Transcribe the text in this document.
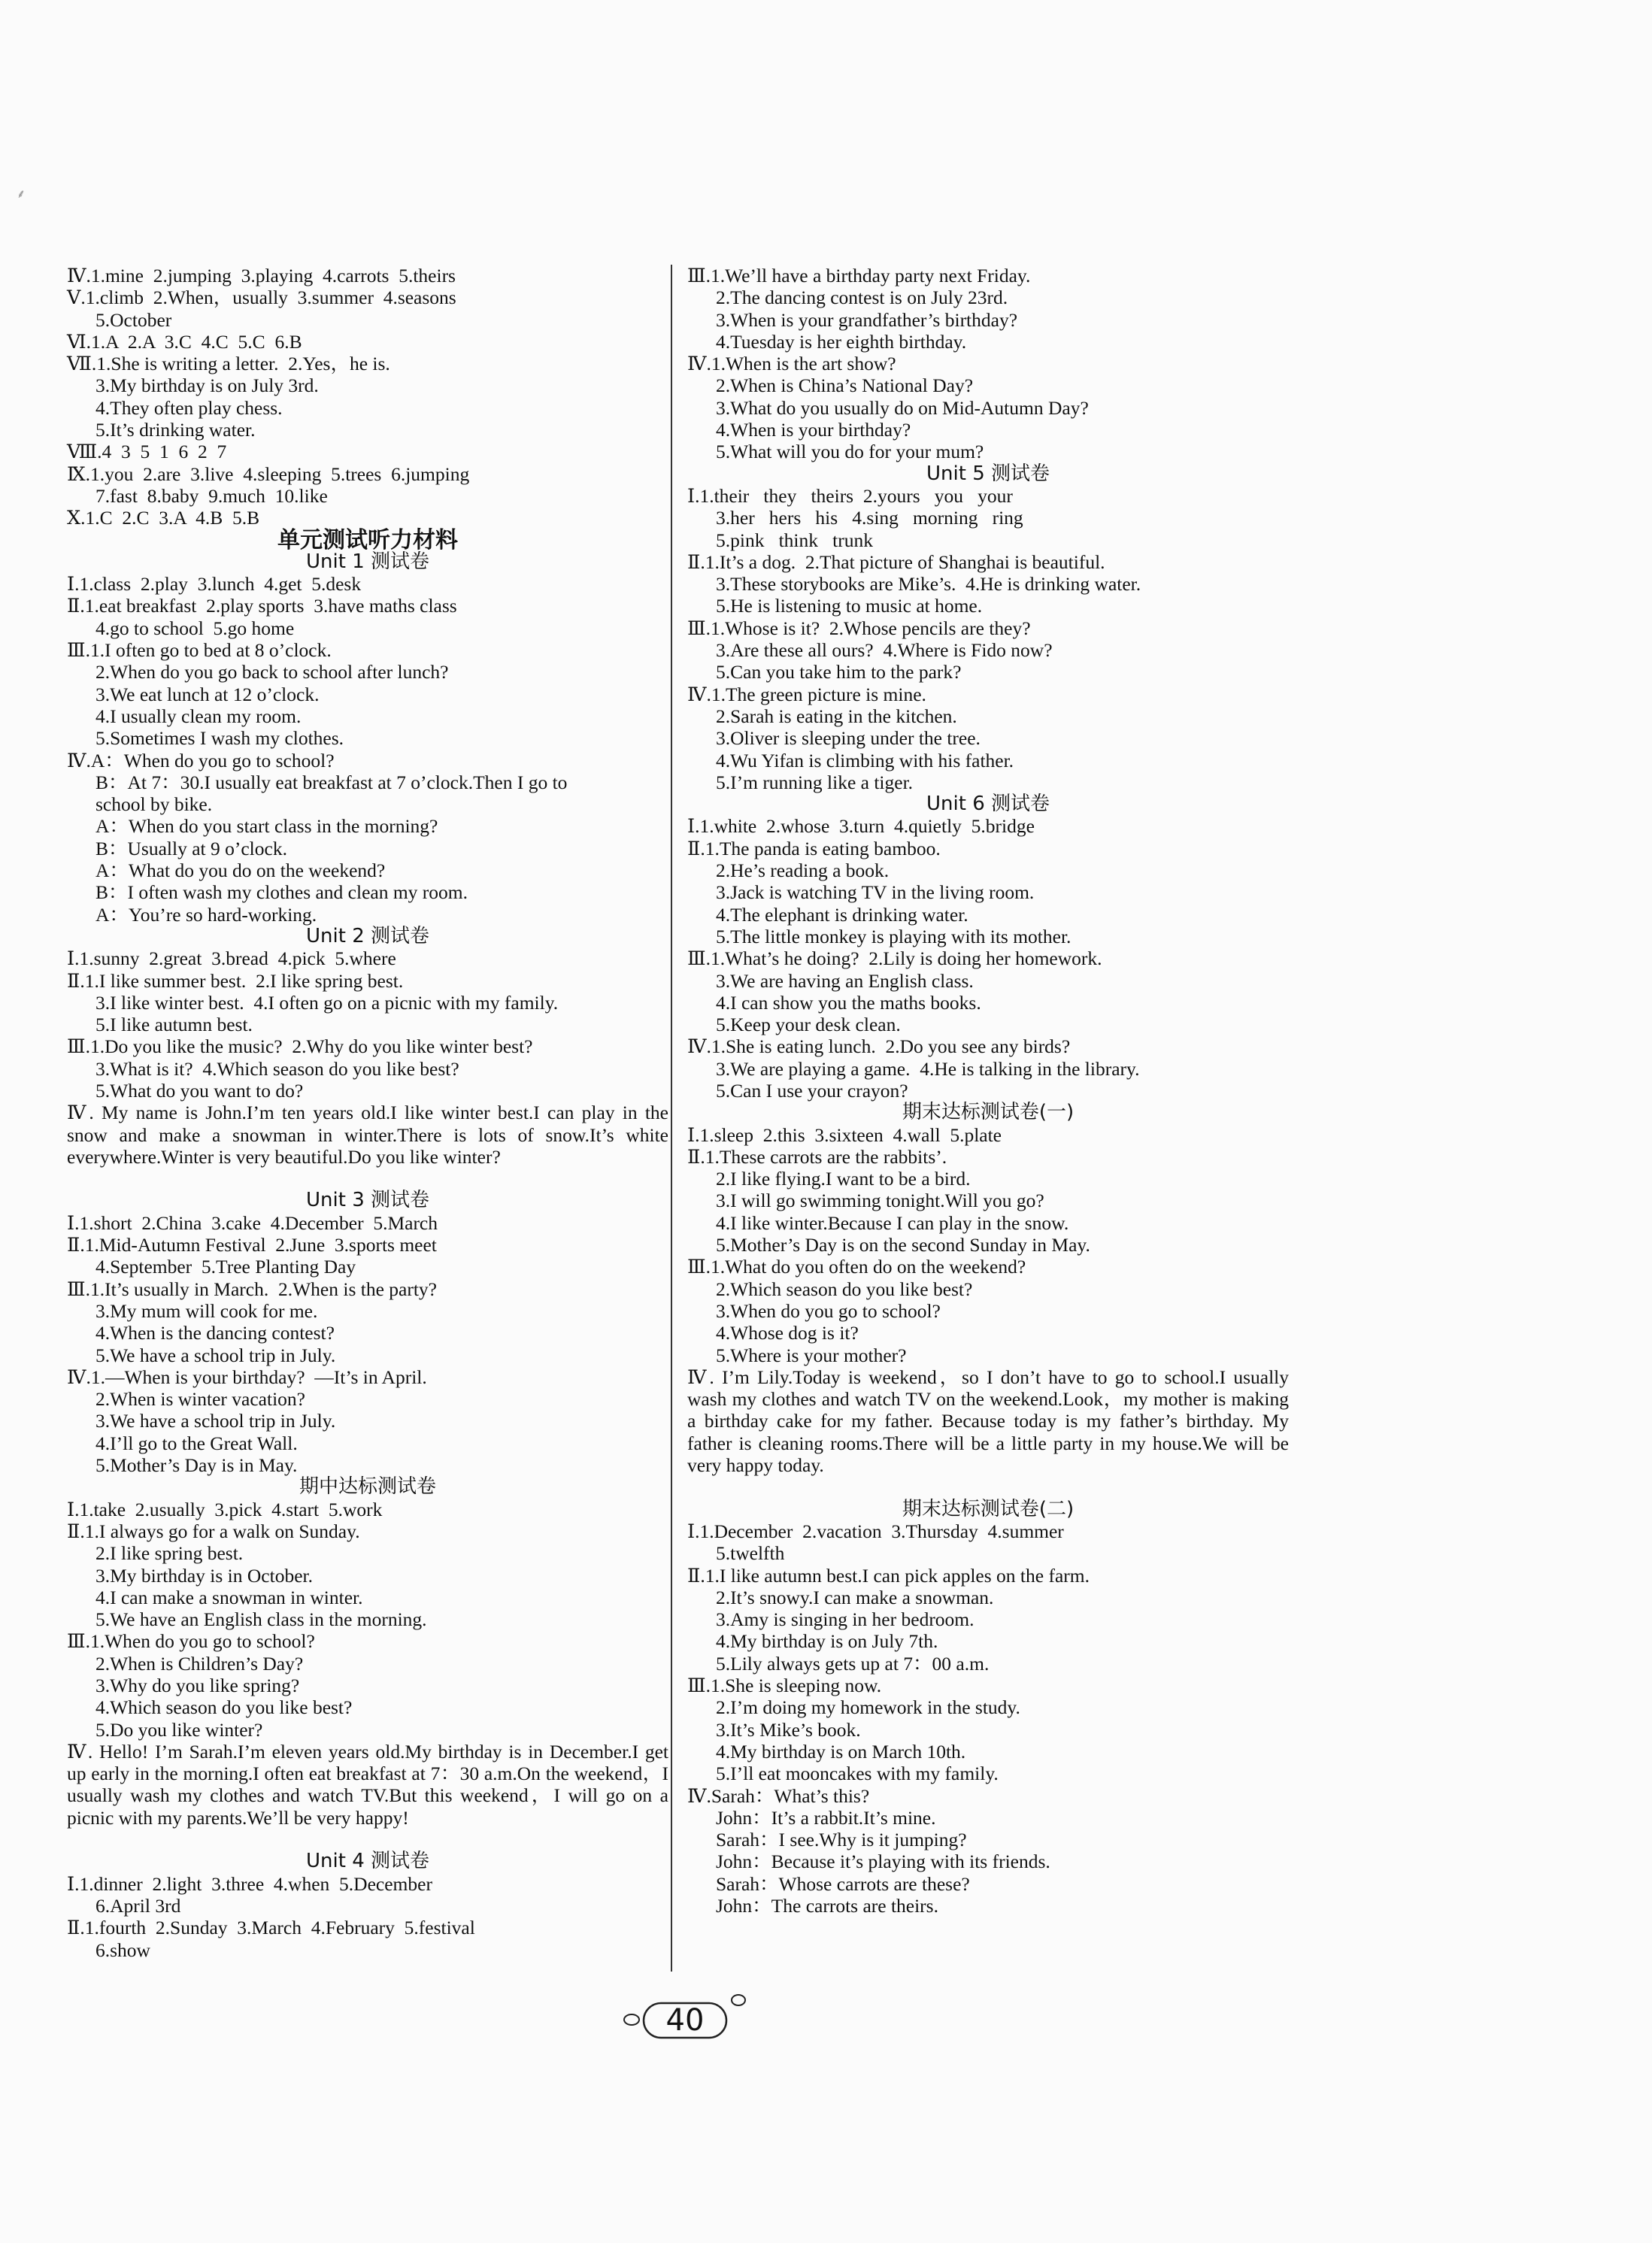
⸙
Ⅳ.1.mine  2.jumping  3.playing  4.carrots  5.theirs
Ⅴ.1.climb  2.When，usually  3.summer  4.seasons
5.October
Ⅵ.1.A  2.A  3.C  4.C  5.C  6.B
Ⅶ.1.She is writing a letter.  2.Yes，he is.
3.My birthday is on July 3rd.
4.They often play chess.
5.It’s drinking water.
Ⅷ.4  3  5  1  6  2  7
Ⅸ.1.you  2.are  3.live  4.sleeping  5.trees  6.jumping
7.fast  8.baby  9.much  10.like
Ⅹ.1.C  2.C  3.A  4.B  5.B
单元测试听力材料
Unit 1 测试卷
Ⅰ.1.class  2.play  3.lunch  4.get  5.desk
Ⅱ.1.eat breakfast  2.play sports  3.have maths class
4.go to school  5.go home
Ⅲ.1.I often go to bed at 8 o’clock.
2.When do you go back to school after lunch?
3.We eat lunch at 12 o’clock.
4.I usually clean my room.
5.Sometimes I wash my clothes.
Ⅳ.A：When do you go to school?
B：At 7：30.I usually eat breakfast at 7 o’clock.Then I go to
school by bike.
A：When do you start class in the morning?
B：Usually at 9 o’clock.
A：What do you do on the weekend?
B：I often wash my clothes and clean my room.
A：You’re so hard-working.
Unit 2 测试卷
Ⅰ.1.sunny  2.great  3.bread  4.pick  5.where
Ⅱ.1.I like summer best.  2.I like spring best.
3.I like winter best.  4.I often go on a picnic with my family.
5.I like autumn best.
Ⅲ.1.Do you like the music?  2.Why do you like winter best?
3.What is it?  4.Which season do you like best?
5.What do you want to do?
Ⅳ. My name is John.I’m ten years old.I like winter best.I can play in the snow and make a snowman in winter.There is lots of snow.It’s white everywhere.Winter is very beautiful.Do you like winter?
Unit 3 测试卷
Ⅰ.1.short  2.China  3.cake  4.December  5.March
Ⅱ.1.Mid-Autumn Festival  2.June  3.sports meet
4.September  5.Tree Planting Day
Ⅲ.1.It’s usually in March.  2.When is the party?
3.My mum will cook for me.
4.When is the dancing contest?
5.We have a school trip in July.
Ⅳ.1.—When is your birthday?  —It’s in April.
2.When is winter vacation?
3.We have a school trip in July.
4.I’ll go to the Great Wall.
5.Mother’s Day is in May.
期中达标测试卷
Ⅰ.1.take  2.usually  3.pick  4.start  5.work
Ⅱ.1.I always go for a walk on Sunday.
2.I like spring best.
3.My birthday is in October.
4.I can make a snowman in winter.
5.We have an English class in the morning.
Ⅲ.1.When do you go to school?
2.When is Children’s Day?
3.Why do you like spring?
4.Which season do you like best?
5.Do you like winter?
Ⅳ. Hello! I’m Sarah.I’m eleven years old.My birthday is in December.I get up early in the morning.I often eat breakfast at 7：30 a.m.On the weekend，I usually wash my clothes and watch TV.But this weekend，I will go on a picnic with my parents.We’ll be very happy!
Unit 4 测试卷
Ⅰ.1.dinner  2.light  3.three  4.when  5.December
6.April 3rd
Ⅱ.1.fourth  2.Sunday  3.March  4.February  5.festival
6.show
Ⅲ.1.We’ll have a birthday party next Friday.
2.The dancing contest is on July 23rd.
3.When is your grandfather’s birthday?
4.Tuesday is her eighth birthday.
Ⅳ.1.When is the art show?
2.When is China’s National Day?
3.What do you usually do on Mid-Autumn Day?
4.When is your birthday?
5.What will you do for your mum?
Unit 5 测试卷
Ⅰ.1.their   they   theirs  2.yours   you   your
3.her   hers   his   4.sing   morning   ring
5.pink   think   trunk
Ⅱ.1.It’s a dog.  2.That picture of Shanghai is beautiful.
3.These storybooks are Mike’s.  4.He is drinking water.
5.He is listening to music at home.
Ⅲ.1.Whose is it?  2.Whose pencils are they?
3.Are these all ours?  4.Where is Fido now?
5.Can you take him to the park?
Ⅳ.1.The green picture is mine.
2.Sarah is eating in the kitchen.
3.Oliver is sleeping under the tree.
4.Wu Yifan is climbing with his father.
5.I’m running like a tiger.
Unit 6 测试卷
Ⅰ.1.white  2.whose  3.turn  4.quietly  5.bridge
Ⅱ.1.The panda is eating bamboo.
2.He’s reading a book.
3.Jack is watching TV in the living room.
4.The elephant is drinking water.
5.The little monkey is playing with its mother.
Ⅲ.1.What’s he doing?  2.Lily is doing her homework.
3.We are having an English class.
4.I can show you the maths books.
5.Keep your desk clean.
Ⅳ.1.She is eating lunch.  2.Do you see any birds?
3.We are playing a game.  4.He is talking in the library.
5.Can I use your crayon?
期末达标测试卷(一)
Ⅰ.1.sleep  2.this  3.sixteen  4.wall  5.plate
Ⅱ.1.These carrots are the rabbits’.
2.I like flying.I want to be a bird.
3.I will go swimming tonight.Will you go?
4.I like winter.Because I can play in the snow.
5.Mother’s Day is on the second Sunday in May.
Ⅲ.1.What do you often do on the weekend?
2.Which season do you like best?
3.When do you go to school?
4.Whose dog is it?
5.Where is your mother?
Ⅳ. I’m Lily.Today is weekend，so I don’t have to go to school.I usually wash my clothes and watch TV on the weekend.Look，my mother is making a birthday cake for my father. Because today is my father’s birthday. My father is cleaning rooms.There will be a little party in my house.We will be very happy today.
期末达标测试卷(二)
Ⅰ.1.December  2.vacation  3.Thursday  4.summer
5.twelfth
Ⅱ.1.I like autumn best.I can pick apples on the farm.
2.It’s snowy.I can make a snowman.
3.Amy is singing in her bedroom.
4.My birthday is on July 7th.
5.Lily always gets up at 7：00 a.m.
Ⅲ.1.She is sleeping now.
2.I’m doing my homework in the study.
3.It’s Mike’s book.
4.My birthday is on March 10th.
5.I’ll eat mooncakes with my family.
Ⅳ.Sarah：What’s this?
John：It’s a rabbit.It’s mine.
Sarah：I see.Why is it jumping?
John：Because it’s playing with its friends.
Sarah：Whose carrots are these?
John：The carrots are theirs.
40
